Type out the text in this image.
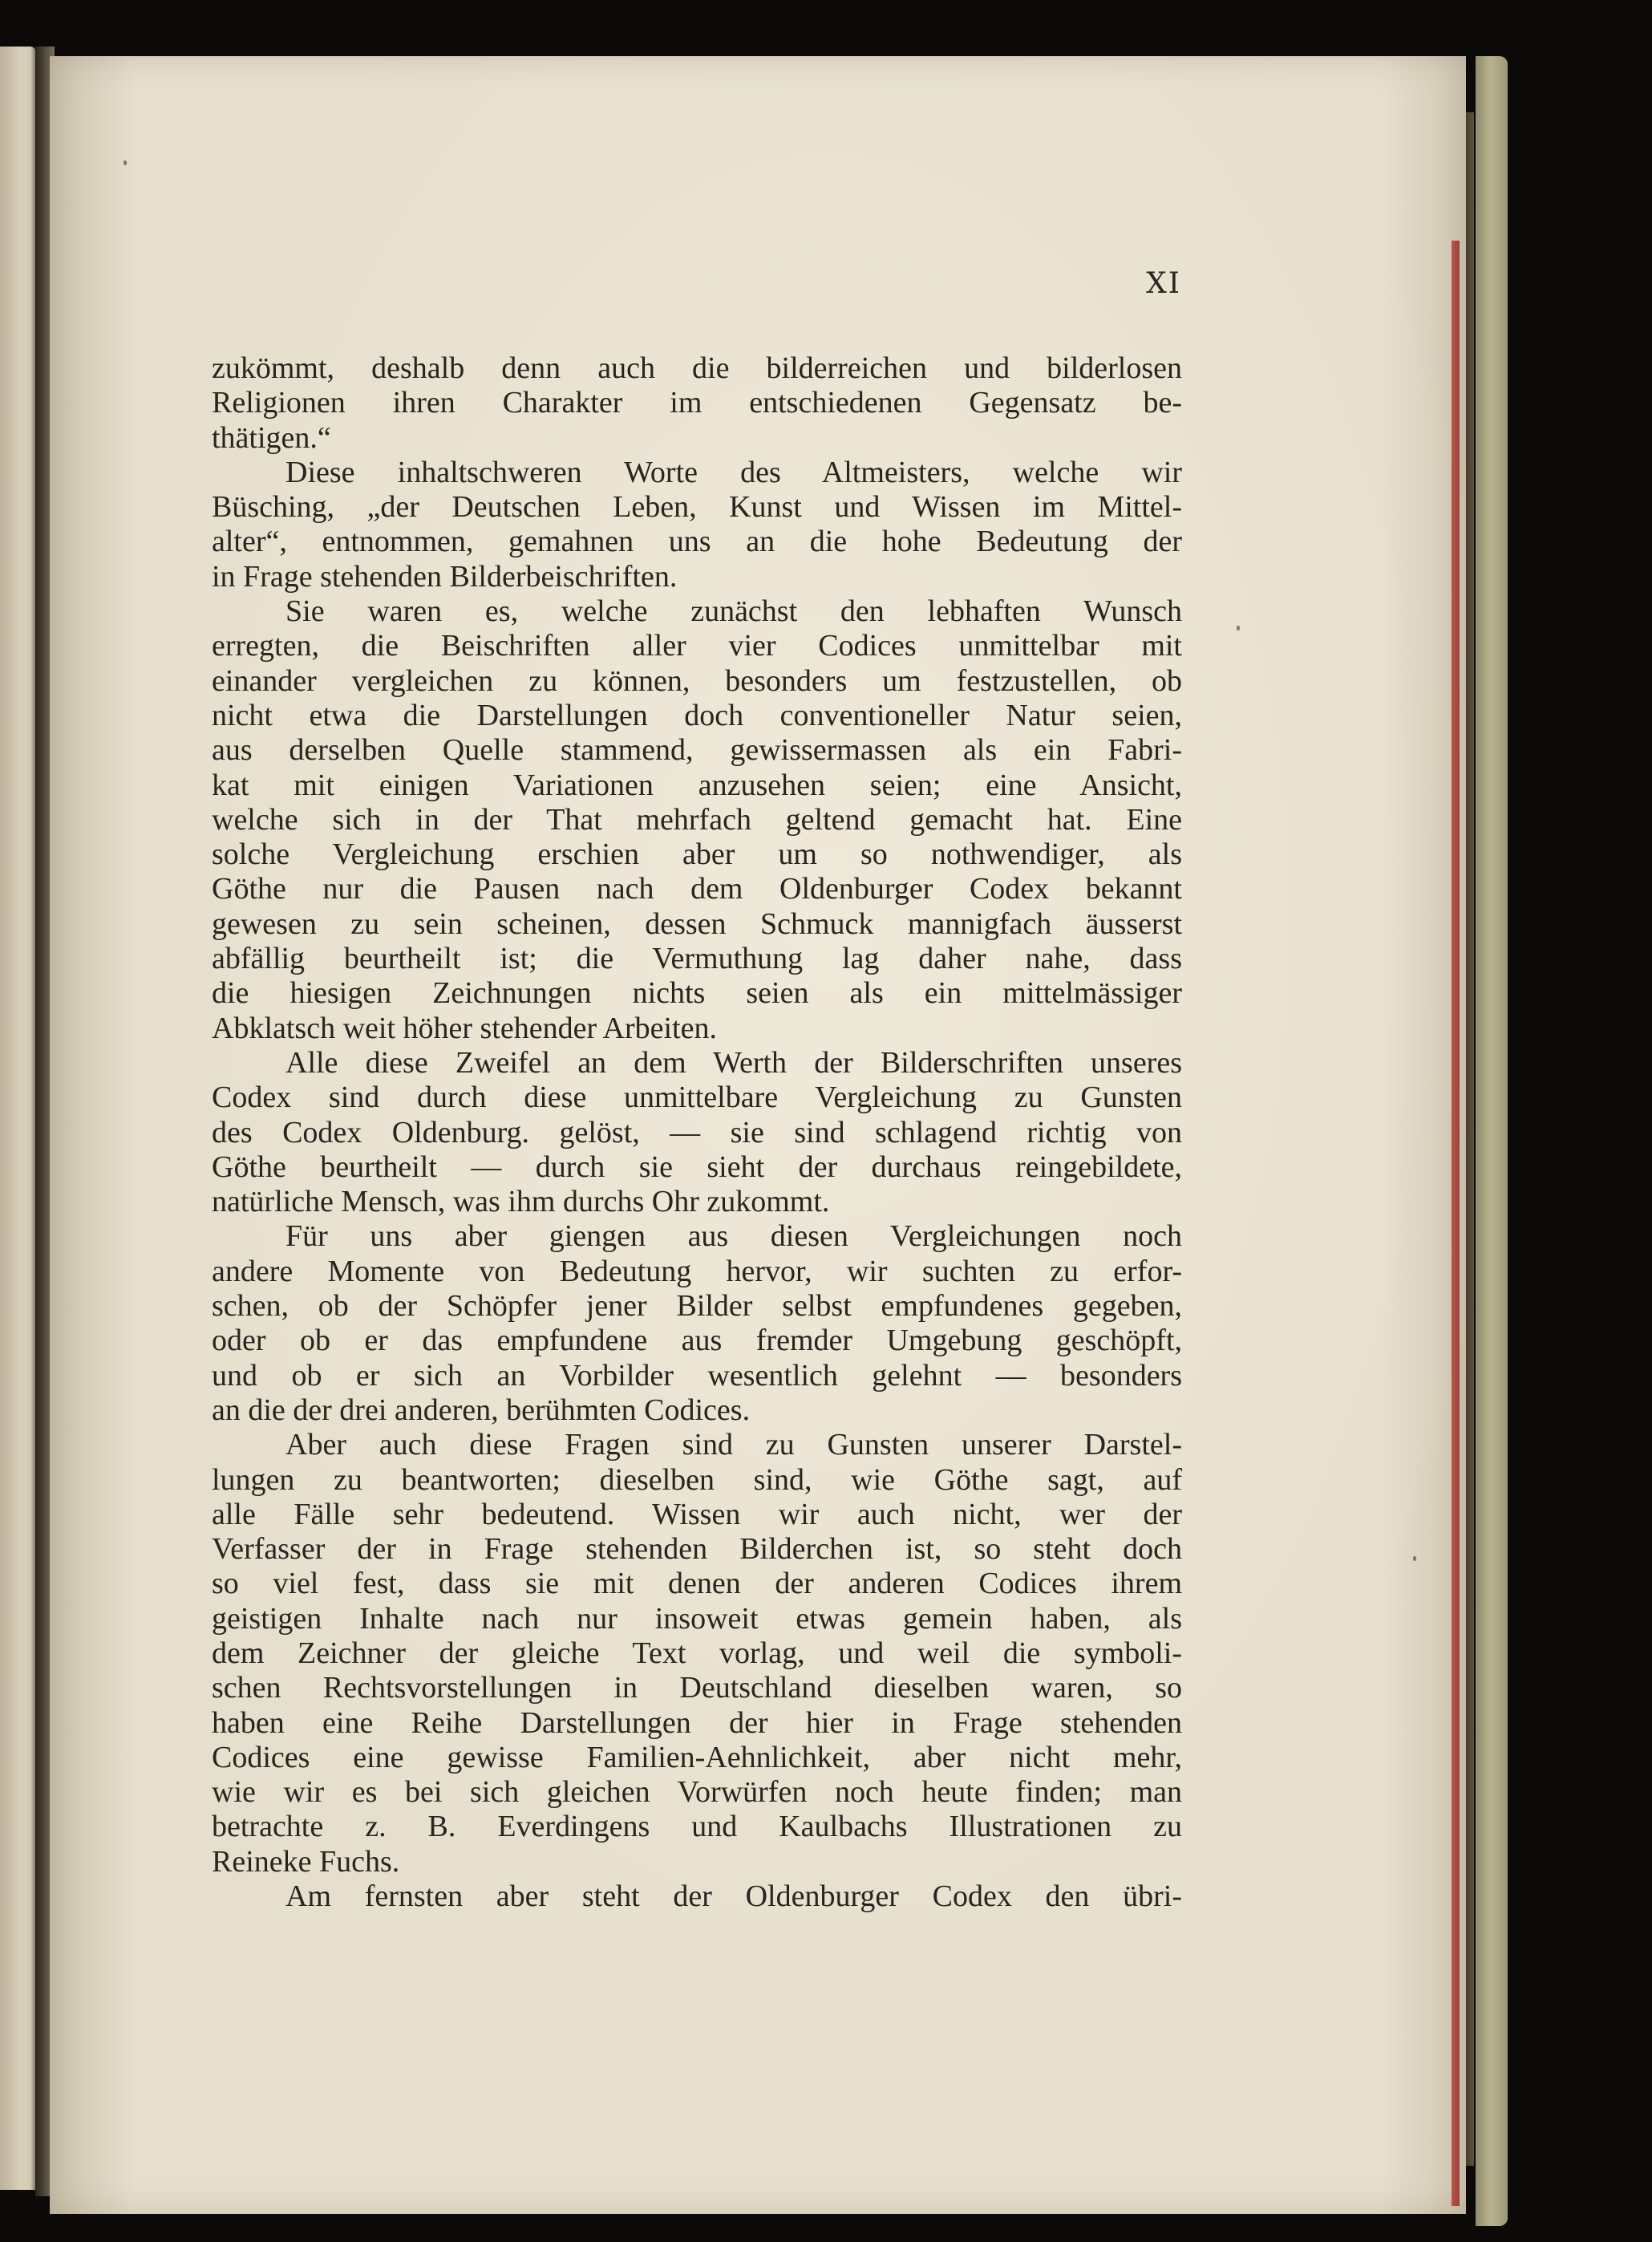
XI
zukömmt, deshalb denn auch die bilderreichen und bilderlosen
Religionen ihren Charakter im entschiedenen Gegensatz be-
thätigen.“
Diese inhaltschweren Worte des Altmeisters, welche wir
Büsching, „der Deutschen Leben, Kunst und Wissen im Mittel-
alter“, entnommen, gemahnen uns an die hohe Bedeutung der
in Frage stehenden Bilderbeischriften.
Sie waren es, welche zunächst den lebhaften Wunsch
erregten, die Beischriften aller vier Codices unmittelbar mit
einander vergleichen zu können, besonders um festzustellen, ob
nicht etwa die Darstellungen doch conventioneller Natur seien,
aus derselben Quelle stammend, gewissermassen als ein Fabri-
kat mit einigen Variationen anzusehen seien; eine Ansicht,
welche sich in der That mehrfach geltend gemacht hat. Eine
solche Vergleichung erschien aber um so nothwendiger, als
Göthe nur die Pausen nach dem Oldenburger Codex bekannt
gewesen zu sein scheinen, dessen Schmuck mannigfach äusserst
abfällig beurtheilt ist; die Vermuthung lag daher nahe, dass
die hiesigen Zeichnungen nichts seien als ein mittelmässiger
Abklatsch weit höher stehender Arbeiten.
Alle diese Zweifel an dem Werth der Bilderschriften unseres
Codex sind durch diese unmittelbare Vergleichung zu Gunsten
des Codex Oldenburg. gelöst, — sie sind schlagend richtig von
Göthe beurtheilt — durch sie sieht der durchaus reingebildete,
natürliche Mensch, was ihm durchs Ohr zukommt.
Für uns aber giengen aus diesen Vergleichungen noch
andere Momente von Bedeutung hervor, wir suchten zu erfor-
schen, ob der Schöpfer jener Bilder selbst empfundenes gegeben,
oder ob er das empfundene aus fremder Umgebung geschöpft,
und ob er sich an Vorbilder wesentlich gelehnt — besonders
an die der drei anderen, berühmten Codices.
Aber auch diese Fragen sind zu Gunsten unserer Darstel-
lungen zu beantworten; dieselben sind, wie Göthe sagt, auf
alle Fälle sehr bedeutend. Wissen wir auch nicht, wer der
Verfasser der in Frage stehenden Bilderchen ist, so steht doch
so viel fest, dass sie mit denen der anderen Codices ihrem
geistigen Inhalte nach nur insoweit etwas gemein haben, als
dem Zeichner der gleiche Text vorlag, und weil die symboli-
schen Rechtsvorstellungen in Deutschland dieselben waren, so
haben eine Reihe Darstellungen der hier in Frage stehenden
Codices eine gewisse Familien-Aehnlichkeit, aber nicht mehr,
wie wir es bei sich gleichen Vorwürfen noch heute finden; man
betrachte z. B. Everdingens und Kaulbachs Illustrationen zu
Reineke Fuchs.
Am fernsten aber steht der Oldenburger Codex den übri-
